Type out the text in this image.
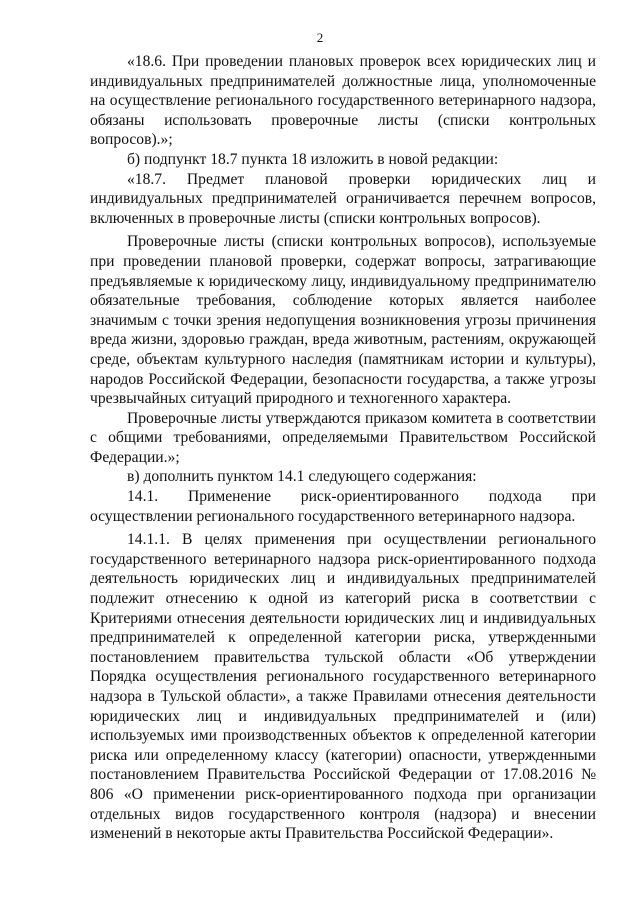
2

«18.6. При проведении плановых проверок всех юридических лиц и индивидуальных предпринимателей должностные лица, уполномоченные на осуществление регионального государственного ветеринарного надзора, обязаны использовать проверочные листы (списки контрольных вопросов).»;

б) подпункт 18.7 пункта 18 изложить в новой редакции:

«18.7. Предмет плановой проверки юридических лиц и индивидуальных предпринимателей ограничивается перечнем вопросов, включенных в проверочные листы (списки контрольных вопросов).

Проверочные листы (списки контрольных вопросов), используемые при проведении плановой проверки, содержат вопросы, затрагивающие предъявляемые к юридическому лицу, индивидуальному предпринимателю обязательные требования, соблюдение которых является наиболее значимым с точки зрения недопущения возникновения угрозы причинения вреда жизни, здоровью граждан, вреда животным, растениям, окружающей среде, объектам культурного наследия (памятникам истории и культуры), народов Российской Федерации, безопасности государства, а также угрозы чрезвычайных ситуаций природного и техногенного характера.

Проверочные листы утверждаются приказом комитета в соответствии с общими требованиями, определяемыми Правительством Российской Федерации.»;

в) дополнить пунктом 14.1 следующего содержания:

14.1. Применение риск-ориентированного подхода при осуществлении регионального государственного ветеринарного надзора.

14.1.1. В целях применения при осуществлении регионального государственного ветеринарного надзора риск-ориентированного подхода деятельность юридических лиц и индивидуальных предпринимателей подлежит отнесению к одной из категорий риска в соответствии с Критериями отнесения деятельности юридических лиц и индивидуальных предпринимателей к определенной категории риска, утвержденными постановлением правительства тульской области «Об утверждении Порядка осуществления регионального государственного ветеринарного надзора в Тульской области», а также Правилами отнесения деятельности юридических лиц и индивидуальных предпринимателей и (или) используемых ими производственных объектов к определенной категории риска или определенному классу (категории) опасности, утвержденными постановлением Правительства Российской Федерации от 17.08.2016 № 806 «О применении риск-ориентированного подхода при организации отдельных видов государственного контроля (надзора) и внесении изменений в некоторые акты Правительства Российской Федерации».
